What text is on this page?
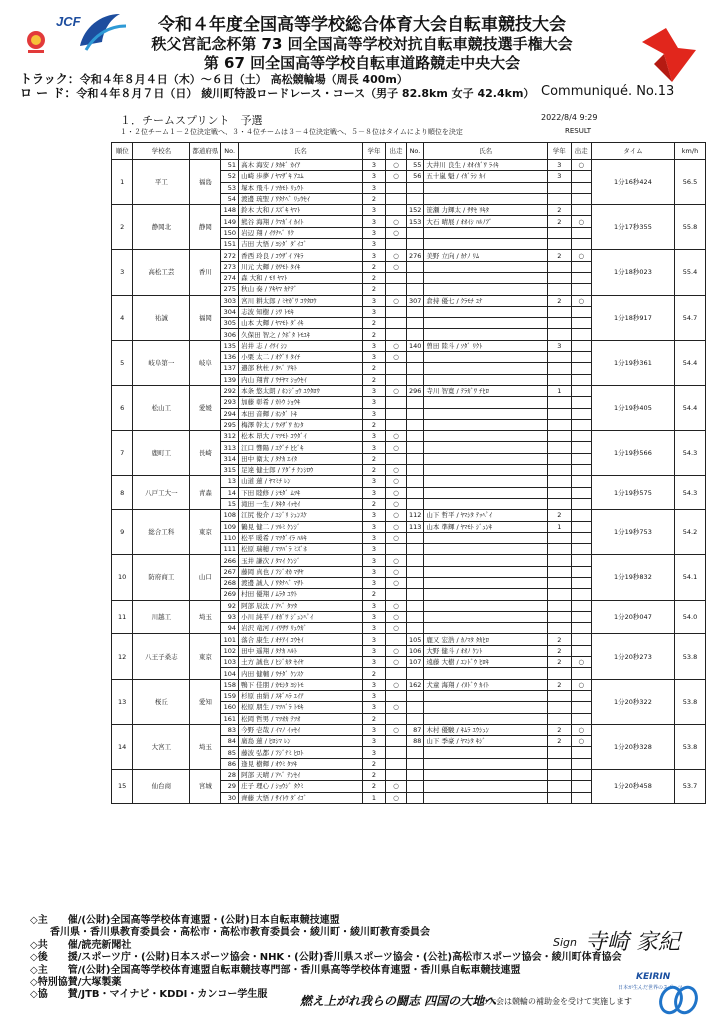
JCF	令和４年度全国高等学校総合体育大会自転車競技大会
秩父宮記念杯第 73 回全国高等学校対抗自転車競技選手権大会
第 67 回全国高等学校自転車道路競走中央大会
トラック：令和４年８月４日（木）～６日（土） 高松競輪場（周長 400m）
ロ ー ド：令和４年８月７日（日） 綾川町特設ロードレース・コース（男子 82.8km 女子 42.4km） Communiqué. No.13
１．チームスプリント　予選	2022/8/4 9:29
１・２位チーム１－２位決定戦へ、３・４位チームは３－４位決定戦へ、５－８位はタイムにより順位を決定	RESULT
順位	学校名	都道府県	No.	氏名	学年	出走	No.	氏名	学年	出走	タイム	km/h
1	平工	福島	51	高木 海安 / ﾀｶｷﾞ ｶｲｱ	3	○	55	大井川 良生 / ｵｵｲｶﾞﾜ ﾗｲｷ	3	○	1分16秒424	56.5
			52	山崎 歩夢 / ﾔﾏｻﾞｷ ｱﾕﾑ	3	○	56	五十嵐 魁 / ｲｶﾞﾗｼ ｶｲ	3			
			53	塚本 飛斗 / ﾂｶﾓﾄ ﾘｭｳﾄ	3							
			54	渡邊 琉聖 / ﾜﾀﾅﾍﾞ ﾘｭｳｾｲ	2							
2	静岡北	静岡	148	鈴木 大和 / ｽｽﾞｷ ﾔﾏﾄ	3		152	笹瀬 力輝太 / ｻｻｾ ﾘｷﾀ	2		1分17秒355	55.8
			149	熊谷 海翔 / ｸﾏｶﾞｲ ｶｲﾄ	3	○	153	大石 晴展 / ｵｵｲｼ ﾊﾙﾉﾌﾞ	2	○		
			150	岩辺 翔 / ｲﾜﾅﾍﾞ ﾘｸ	3	○						
			151	吉田 大悟 / ﾖｼﾀﾞ ﾀﾞｲｺﾞ	3							
3	高松工芸	香川	272	香西 玲良 / ｺｳｻﾞｲ ｱｷﾗ	3	○	276	美野 立向 / ｶﾅﾉ ﾘﾑ	2	○	1分18秒023	55.4
			273	川元 大輝 / ｶﾜﾓﾄ ﾀｲｷ	2	○						
			274	森 大和 / ﾓﾘ ﾔﾏﾄ	2							
			275	秋山 奏 / ｱｷﾔﾏ ｶﾅﾃﾞ	2							
4	祐誠	福岡	303	宮川 耕太郎 / ﾐﾔｶﾞﾜ ｺｳﾀﾛｳ	3	○	307	倉持 優七 / ｸﾗﾓﾁ ﾕﾅ	2	○	1分18秒917	54.7
			304	志波 知樹 / ｼﾜ ﾄﾓｷ	3							
			305	山本 大輝 / ﾔﾏﾓﾄ ﾀﾞｲｷ	2							
			306	久保田 智之 / ｸﾎﾞﾀ ﾄﾓﾕｷ	2							
5	岐阜第一	岐阜	135	岩井 志 / ｲﾜｲ ｼﾝ	3	○	140	曽田 陸斗 / ｿﾀﾞ ﾘｸﾄ	3		1分19秒361	54.4
			136	小栗 太二 / ｵｸﾞﾘ ﾀｲﾁ	3	○						
			137	邉部 秋杜 / ﾀﾍﾞ ｱｷﾄ	2							
			139	内山 翔青 / ｳﾁﾔﾏ ｼｮｳｾｲ	2							
6	松山工	愛媛	292	本条 悠太朗 / ﾎﾝｼﾞｮｳ ﾕｳﾀﾛｳ	3	○	296	寺川 智寛 / ﾃﾗｶﾞﾜ ﾁﾋﾛ	1		1分19秒405	54.4
			293	加藤 彰希 / ｶﾄｳ ｼｮｳｷ	3							
			294	本田 音輝 / ﾎﾝﾀﾞ ﾄｷ	3							
			295	梅澤 幹太 / ｳﾒｻﾞﾜ ｶﾝﾀ	2							
7	鹿町工	長崎	312	松本 昂大 / ﾏﾂﾓﾄ ｺｳﾀﾞｲ	3	○					1分19秒566	54.3
			313	江口 響陽 / ｴｸﾞﾁ ﾋﾋﾞｷ	3	○						
			314	田中 衛太 / ﾀﾅｶ ｴｲﾀ	2							
			315	足達 健士郎 / ｱﾀﾞﾁ ｹﾝｼﾛｳ	2	○						
8	八戸工大一	青森	13	山道 蓮 / ﾔﾏﾐﾁ ﾚﾝ	3	○					1分19秒575	54.3
			14	下田 睦修 / ｼﾓﾀﾞ ﾑﾂｷ	3	○						
			15	滝田 一生 / ﾀｷﾀ ｲｯｾｲ	2	○						
9	総合工科	東京	108	江尻 俊介 / ｴｼﾞﾘ ｼｭﾝｽｹ	3	○	112	山下 哲平 / ﾔﾏｼﾀ ﾃｯﾍﾟｲ	2		1分19秒753	54.2
			109	鶴見 健二 / ﾂﾙﾐ ｹﾝｼﾞ	3	○	113	山本 準輝 / ﾔﾏﾓﾄ ｼﾞｭﾝｷ	1			
			110	松平 暖希 / ﾏﾂﾀﾞｲﾗ ﾊﾙｷ	3	○						
			111	松原 瑞穂 / ﾏﾂﾊﾞﾗ ﾐｽﾞﾎ	3							
10	防府商工	山口	266	玉井 謙次 / ﾀﾏｲ ｹﾝｼﾞ	3	○					1分19秒832	54.1
			267	藤岡 真也 / ﾌｼﾞｵｶ ﾏｻﾔ	3	○						
			268	渡邊 誠人 / ﾜﾀﾅﾍﾞ ﾏｻﾄ	3	○						
			269	村田 優翔 / ﾑﾗﾀ ﾕｳﾄ	2							
11	川越工	埼玉	92	阿部 辰汰 / ｱﾍﾞ ﾀﾂﾀ	3	○					1分20秒047	54.0
			93	小川 純平 / ｵｶﾞﾜ ｼﾞｭﾝﾍﾟｲ	3	○						
			94	岩沢 竜河 / ｲﾜｻﾜ ﾘｭｳｶﾞ	3	○						
12	八王子桑志	東京	101	落合 康生 / ｵﾁｱｲ ｺｳｾｲ	3		105	鹿又 宏浩 / ｶﾉﾏﾀ ﾀｶﾋﾛ	2		1分20秒273	53.8
			102	田中 遥翔 / ﾀﾅｶ ﾊﾙﾄ	3	○	106	大野 健斗 / ｵｵﾉ ｹﾝﾄ	2			
			103	土方 誠也 / ﾋｼﾞｶﾀ ｾｲﾔ	3	○	107	遠藤 大樹 / ｴﾝﾄﾞｳ ﾋﾛｷ	2	○		
			104	内田 健輔 / ｳﾁﾀﾞ ｹﾝｽｹ	2							
13	桜丘	愛知	158	鴨下 佳朋 / ｶﾓｼﾀ ﾖｼﾄﾓ	3	○	162	犬童 海翔 / ｲﾇﾄﾞｳ ｶｲﾄ	2	○	1分20秒322	53.8
			159	杉原 由絹 / ｽｷﾞﾊﾗ ﾕｲｱ	3							
			160	松原 朋生 / ﾏﾂﾊﾞﾗ ﾄﾓｷ	3	○						
			161	松岡 哲男 / ﾏﾂｵｶ ﾃﾂｵ	2							
14	大宮工	埼玉	83	今野 壱哉 / ｲﾏﾉ ｲｯｾｲ	3	○	87	木村 優駿 / ｷﾑﾗ ﾕｳｼｭﾝ	2	○	1分20秒328	53.8
			84	廣島 蓮 / ﾋﾛｼﾏ ﾚﾝ	3		88	山下 季豪 / ﾔﾏｼﾀ ｷｼﾞ	2	○		
			85	藤波 弘都 / ﾌｼﾞﾅﾐ ﾋﾛﾄ	3							
			86	逢見 樹輝 / ｵｳﾐ ﾀﾂｷ	2							
15	仙台商	宮城	28	阿部 天晴 / ｱﾍﾞ ﾃﾝｾｲ	2						1分20秒458	53.7
			29	庄子 理心 / ｼｮｳｼﾞ ﾀｸﾐ	2	○						
			30	齊藤 大悟 / ｻｲﾄｳ ﾀﾞｲｺﾞ	1	○						
◇主　　催/(公財)全国高等学校体育連盟・(公財)日本自転車競技連盟
　　香川県・香川県教育委員会・高松市・高松市教育委員会・綾川町・綾川町教育委員会
◇共　　催/読売新聞社
◇後　　援/スポーツ庁・(公財)日本スポーツ協会・NHK・(公財)香川県スポーツ協会・(公社)高松市スポーツ協会・綾川町体育協会
◇主　　管/(公財)全国高等学校体育連盟自転車競技専門部・香川県高等学校体育連盟・香川県自転車競技連盟
◇特別協賛/大塚製薬
◇協　　賛/JTB・マイナビ・KDDI・カンコー学生服
Sign 寺崎 家紀
KEIRIN
日本が生んだ世界のスポーツ
燃え上がれ我らの闘志 四国の大地へ
この大会は競輪の補助金を受けて実施します
